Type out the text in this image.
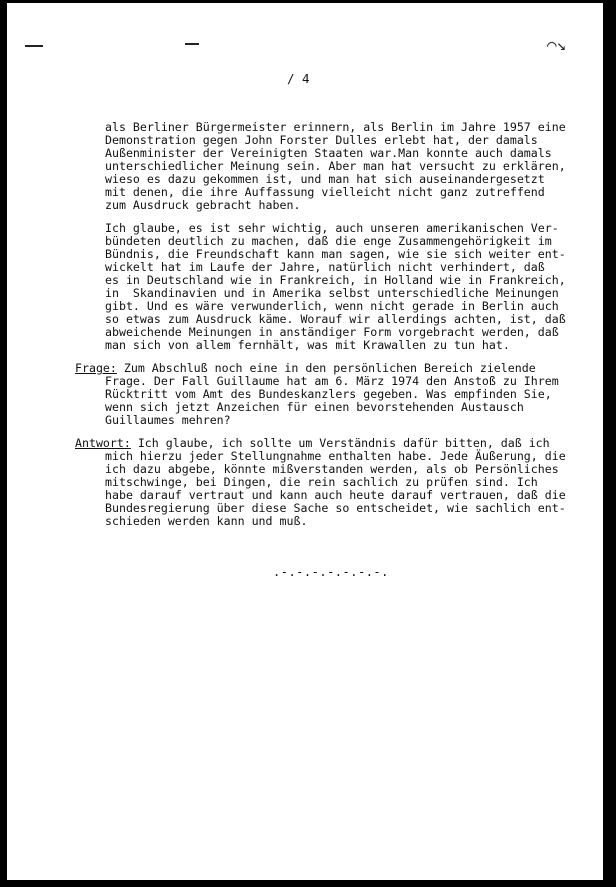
⌒↘
/ 4
als Berliner Bürgermeister erinnern, als Berlin im Jahre 1957 eine
Demonstration gegen John Forster Dulles erlebt hat, der damals
Außenminister der Vereinigten Staaten war.Man konnte auch damals
unterschiedlicher Meinung sein. Aber man hat versucht zu erklären,
wieso es dazu gekommen ist, und man hat sich auseinandergesetzt
mit denen, die ihre Auffassung vielleicht nicht ganz zutreffend
zum Ausdruck gebracht haben.
Ich glaube, es ist sehr wichtig, auch unseren amerikanischen Ver-
bündeten deutlich zu machen, daß die enge Zusammengehörigkeit im
Bündnis, die Freundschaft kann man sagen, wie sie sich weiter ent-
wickelt hat im Laufe der Jahre, natürlich nicht verhindert, daß
es in Deutschland wie in Frankreich, in Holland wie in Frankreich,
in  Skandinavien und in Amerika selbst unterschiedliche Meinungen
gibt. Und es wäre verwunderlich, wenn nicht gerade in Berlin auch
so etwas zum Ausdruck käme. Worauf wir allerdings achten, ist, daß
abweichende Meinungen in anständiger Form vorgebracht werden, daß
man sich von allem fernhält, was mit Krawallen zu tun hat.
Frage: Zum Abschluß noch eine in den persönlichen Bereich zielende
Frage. Der Fall Guillaume hat am 6. März 1974 den Anstoß zu Ihrem
Rücktritt vom Amt des Bundeskanzlers gegeben. Was empfinden Sie,
wenn sich jetzt Anzeichen für einen bevorstehenden Austausch
Guillaumes mehren?
Antwort: Ich glaube, ich sollte um Verständnis dafür bitten, daß ich
mich hierzu jeder Stellungnahme enthalten habe. Jede Äußerung, die
ich dazu abgebe, könnte mißverstanden werden, als ob Persönliches
mitschwinge, bei Dingen, die rein sachlich zu prüfen sind. Ich
habe darauf vertraut und kann auch heute darauf vertrauen, daß die
Bundesregierung über diese Sache so entscheidet, wie sachlich ent-
schieden werden kann und muß.
.-.-.-.-.-.-.-.
